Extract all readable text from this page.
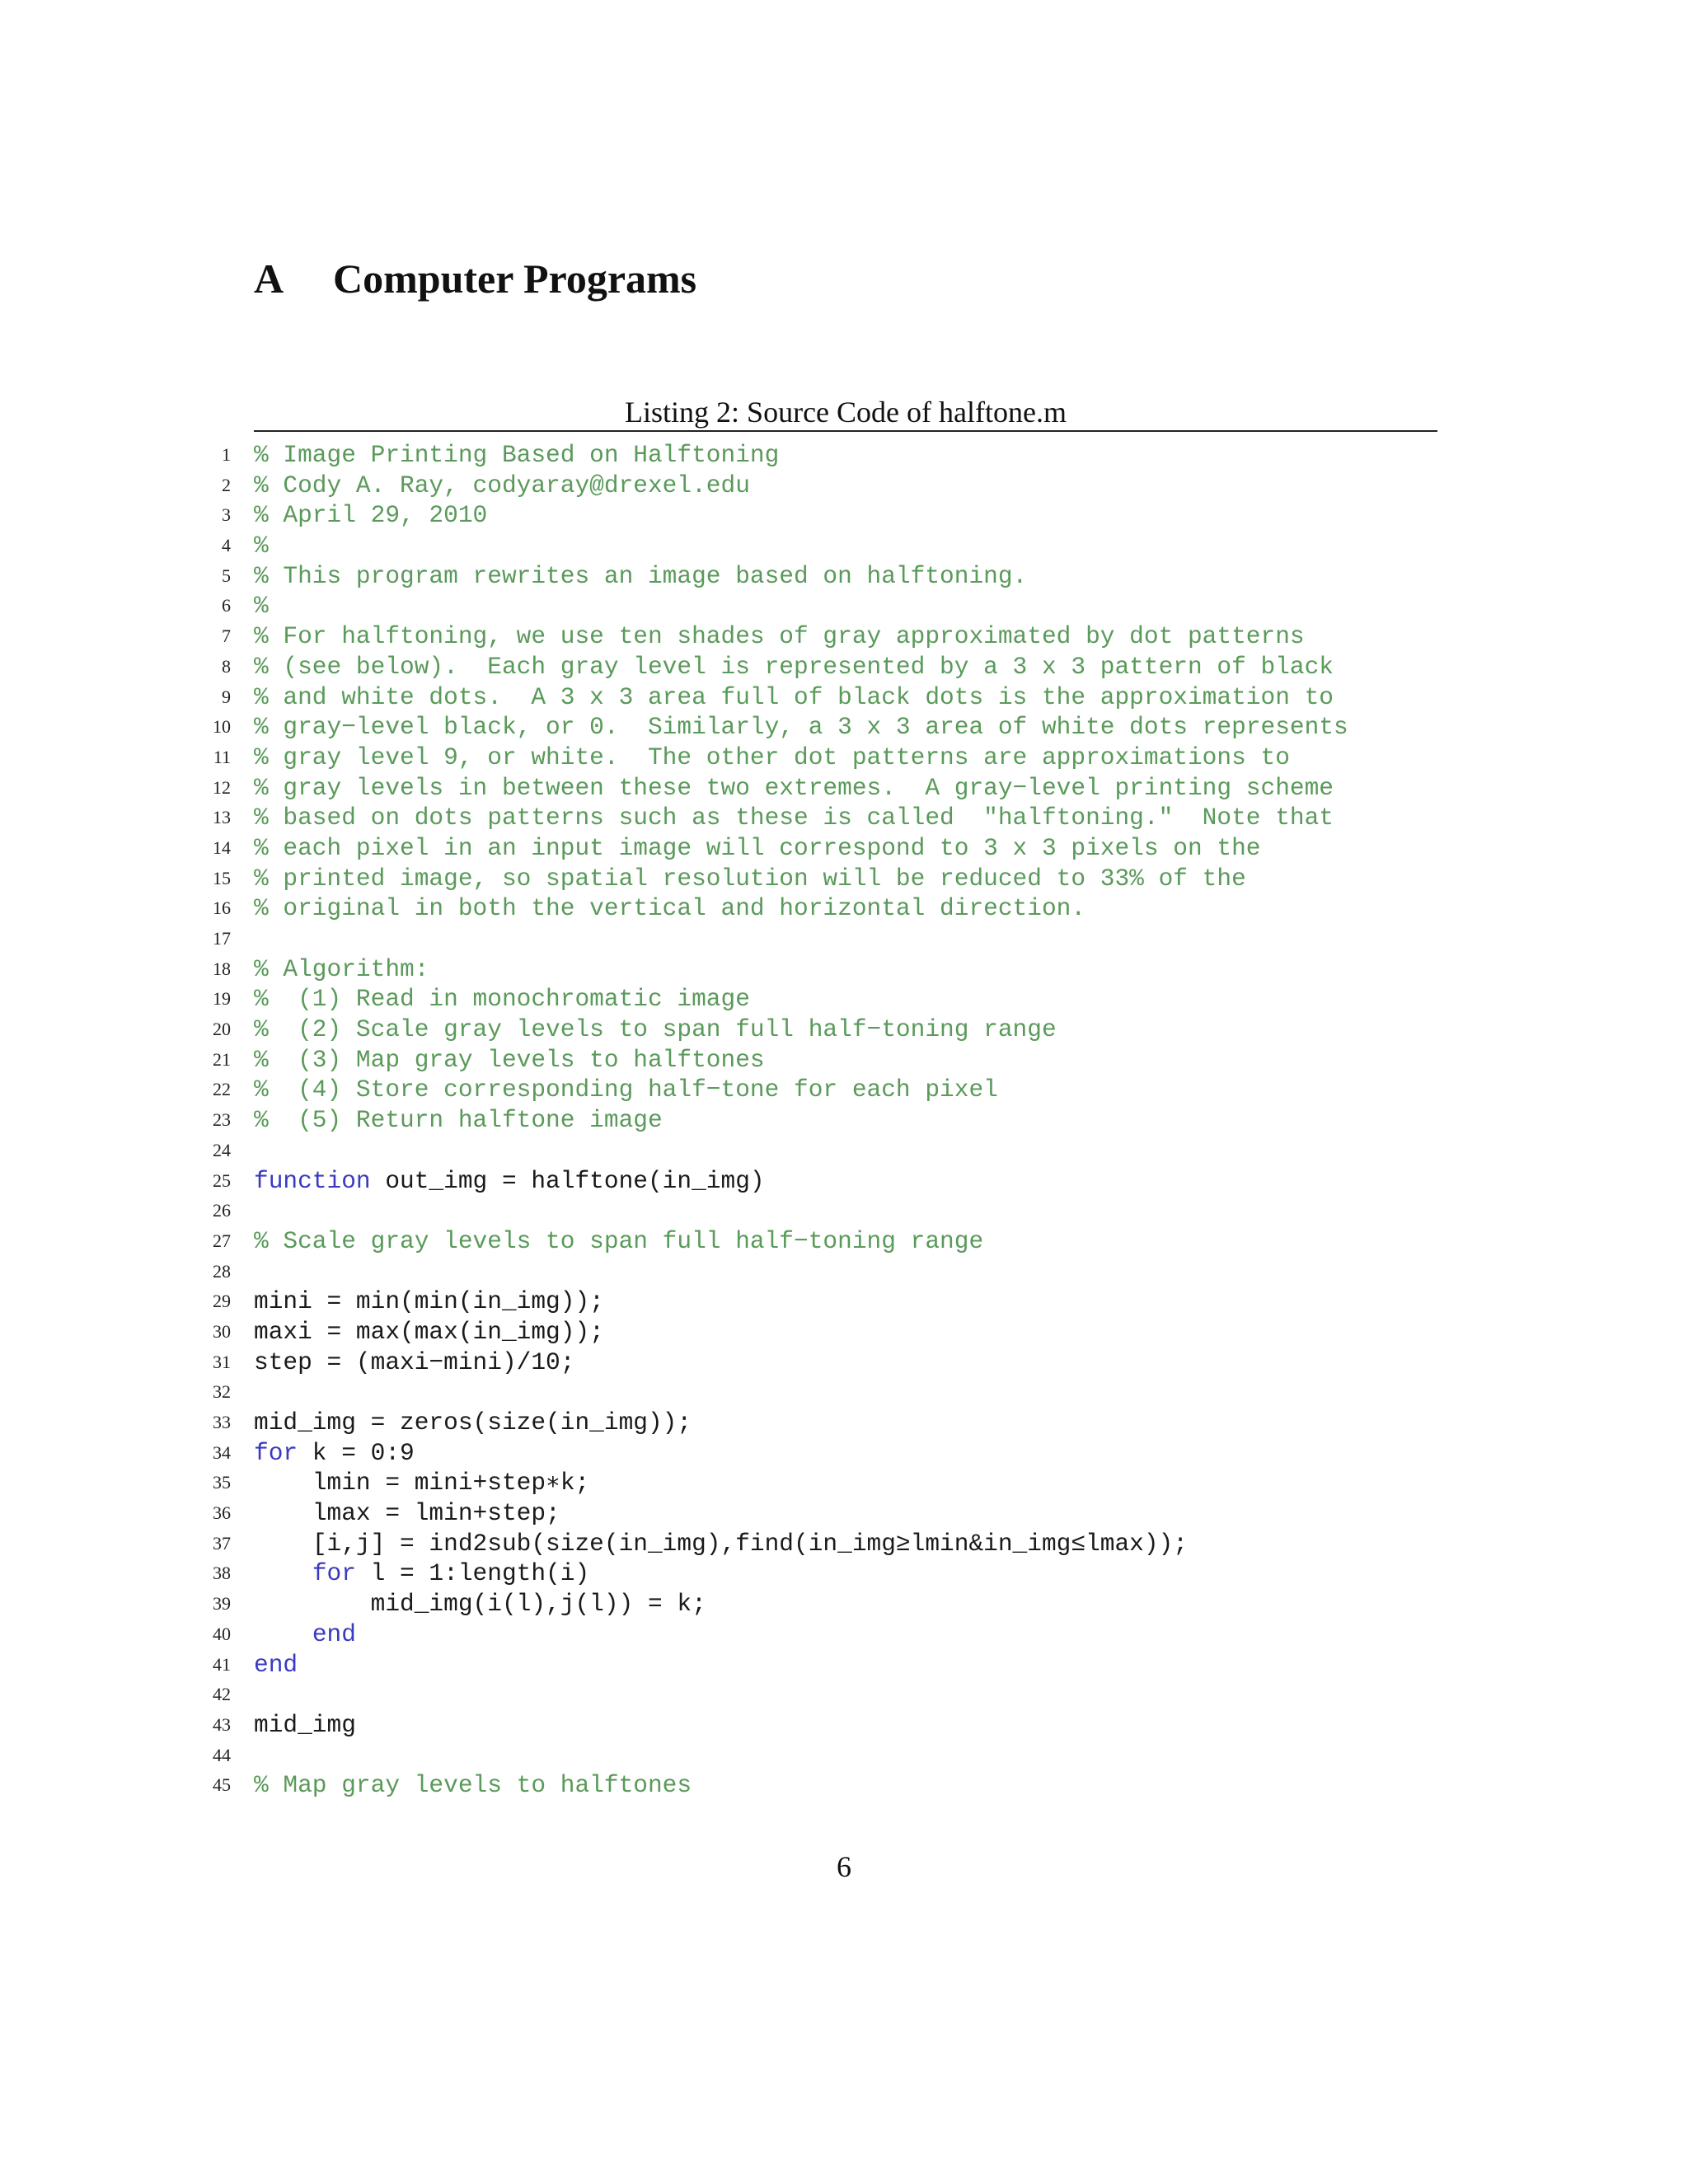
A	Computer Programs
Listing 2: Source Code of halftone.m
1 % Image Printing Based on Halftoning
2 % Cody A. Ray, codyaray@drexel.edu
3 % April 29, 2010
4 %
5 % This program rewrites an image based on halftoning.
6 %
7 % For halftoning, we use ten shades of gray approximated by dot patterns
8 % (see below).  Each gray level is represented by a 3 x 3 pattern of black
9 % and white dots.  A 3 x 3 area full of black dots is the approximation to
10 % gray−level black, or 0.  Similarly, a 3 x 3 area of white dots represents
11 % gray level 9, or white.  The other dot patterns are approximations to
12 % gray levels in between these two extremes.  A gray−level printing scheme
13 % based on dots patterns such as these is called  "halftoning."  Note that
14 % each pixel in an input image will correspond to 3 x 3 pixels on the
15 % printed image, so spatial resolution will be reduced to 33% of the
16 % original in both the vertical and horizontal direction.
17
18 % Algorithm:
19 %  (1) Read in monochromatic image
20 %  (2) Scale gray levels to span full half−toning range
21 %  (3) Map gray levels to halftones
22 %  (4) Store corresponding half−tone for each pixel
23 %  (5) Return halftone image
24
25 function out_img = halftone(in_img)
26
27 % Scale gray levels to span full half−toning range
28
29 mini = min(min(in_img));
30 maxi = max(max(in_img));
31 step = (maxi−mini)/10;
32
33 mid_img = zeros(size(in_img));
34 for k = 0:9
35	lmin = mini+step∗k;
36	lmax = lmin+step;
37	[i,j] = ind2sub(size(in_img),find(in_img≥lmin&in_img≤lmax));
38	for l = 1:length(i)
39	mid_img(i(l),j(l)) = k;
40	end
41 end
42
43 mid_img
44
45 % Map gray levels to halftones
6
